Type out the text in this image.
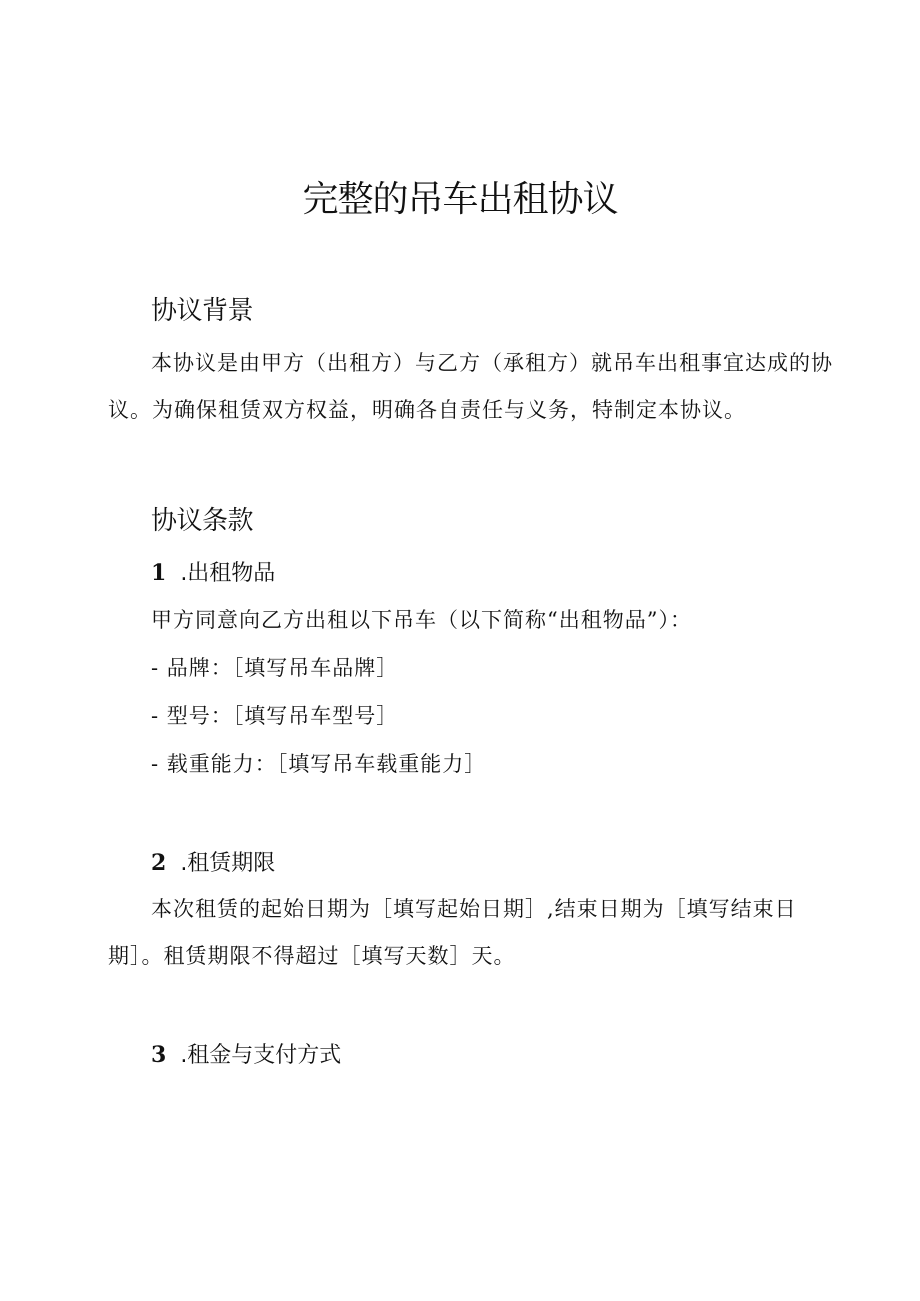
完整的吊车出租协议
协议背景

本协议是由甲方（出租方）与乙方（承租方）就吊车出租事宜达成的协议。为确保租赁双方权益，明确各自责任与义务，特制定本协议。

协议条款
1 .出租物品
甲方同意向乙方出租以下吊车（以下简称“出租物品”）：
- 品牌：［填写吊车品牌］
- 型号：［填写吊车型号］
- 载重能力：［填写吊车载重能力］
2 .租赁期限

本次租赁的起始日期为［填写起始日期］,结束日期为［填写结束日期］。租赁期限不得超过［填写天数］天。

3 .租金与支付方式
